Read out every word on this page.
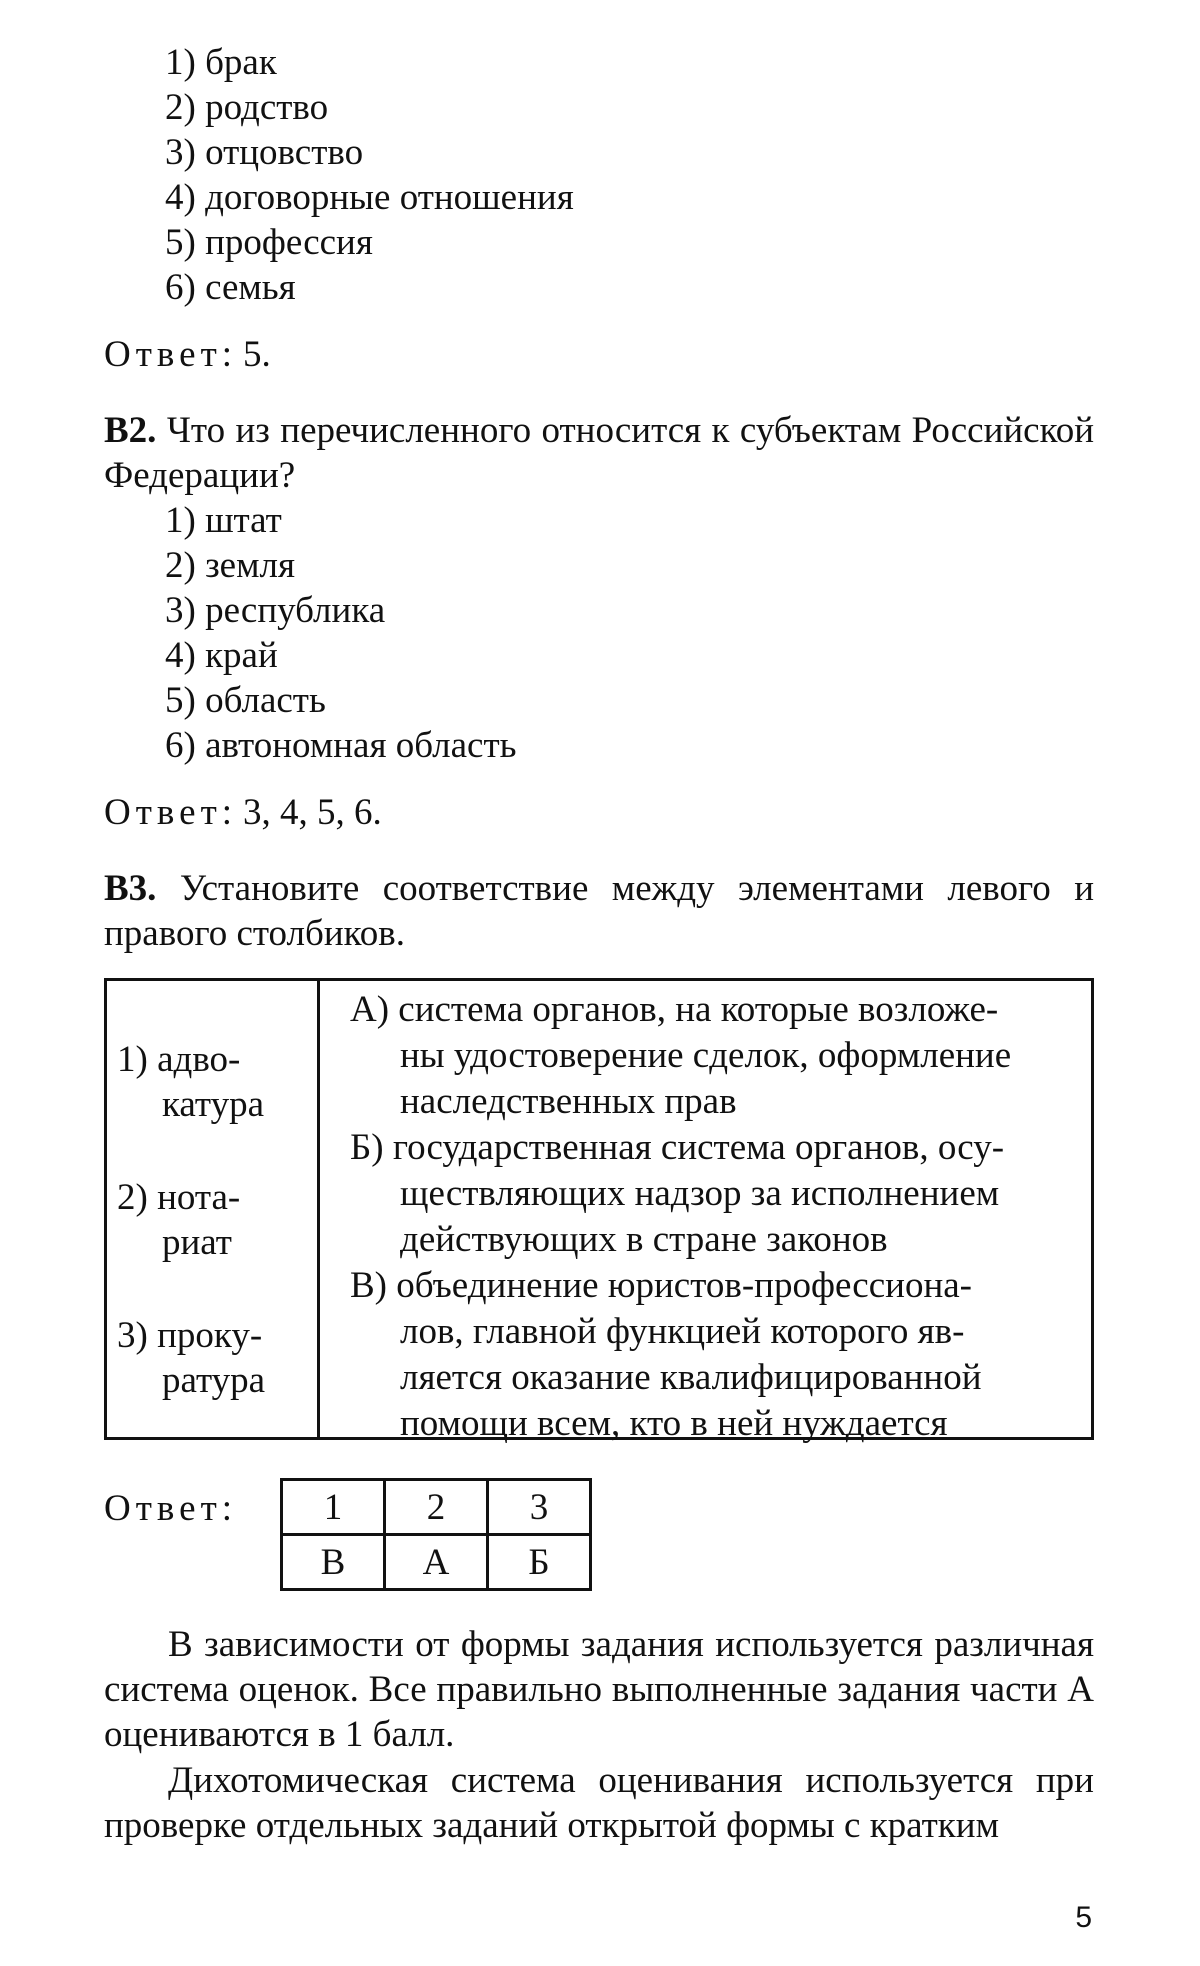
1) брак
2) родство
3) отцовство
4) договорные отношения
5) профессия
6) семья
Ответ: 5.

В2. Что из перечисленного относится к субъектам Российской Федерации?

1) штат
2) земля
3) республика
4) край
5) область
6) автономная область
Ответ: 3, 4, 5, 6.

В3. Установите соответствие между элементами левого и правого столбиков.

1) адво-
катура
2) нота-
риат
3) проку-
ратура

А) система органов, на которые возложе-
ны удостоверение сделок, оформление
наследственных прав
Б) государственная система органов, осу-
ществляющих надзор за исполнением
действующих в стране законов
В) объединение юристов-профессиона-
лов, главной функцией которого яв-
ляется оказание квалифицированной
помощи всем, кто в ней нуждается
Ответ: 1	2	3
В	А	Б

В зависимости от формы задания используется различная система оценок. Все правильно выполненные задания части А оцениваются в 1 балл.

Дихотомическая система оценивания используется при проверке отдельных заданий открытой формы с кратким

5
